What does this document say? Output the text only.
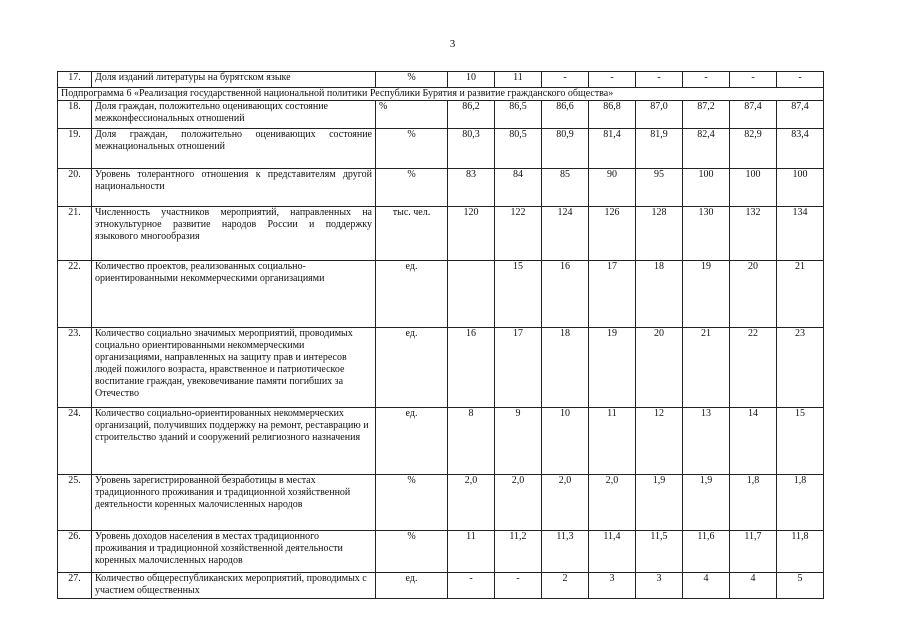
3
17.	Доля изданий литературы на бурятском языке	%	10	11	-	-	-	-	-	-
Подпрограмма 6 «Реализация государственной национальной политики Республики Бурятия и развитие гражданского общества»										
18.	Доля граждан, положительно оценивающих состояние межконфессиональных отношений	%	86,2	86,5	86,6	86,8	87,0	87,2	87,4	87,4
19.	Доля граждан, положительно оценивающих состояние межнациональных отношений	%	80,3	80,5	80,9	81,4	81,9	82,4	82,9	83,4
20.	Уровень толерантного отношения к представителям другой национальности	%	83	84	85	90	95	100	100	100
21.	Численность участников мероприятий, направленных на этнокультурное развитие народов России и поддержку языкового многообразия	тыс. чел.	120	122	124	126	128	130	132	134
22.	Количество проектов, реализованных социально-ориентированными некоммерческими организациями	ед.		15	16	17	18	19	20	21
23.	Количество социально значимых мероприятий, проводимых социально ориентированными некоммерческими организациями, направленных на защиту прав и интересов людей пожилого возраста, нравственное и патриотическое воспитание граждан, увековечивание памяти погибших за Отечество	ед.	16	17	18	19	20	21	22	23
24.	Количество социально-ориентированных некоммерческих организаций, получивших поддержку на ремонт, реставрацию и строительство зданий и сооружений религиозного назначения	ед.	8	9	10	11	12	13	14	15
25.	Уровень зарегистрированной безработицы в местах традиционного проживания и традиционной хозяйственной деятельности коренных малочисленных народов	%	2,0	2,0	2,0	2,0	1,9	1,9	1,8	1,8
26.	Уровень доходов населения в местах традиционного проживания и традиционной хозяйственной деятельности коренных малочисленных народов	%	11	11,2	11,3	11,4	11,5	11,6	11,7	11,8
27.	Количество общереспубликанских мероприятий, проводимых с участием общественных	ед.	-	-	2	3	3	4	4	5
